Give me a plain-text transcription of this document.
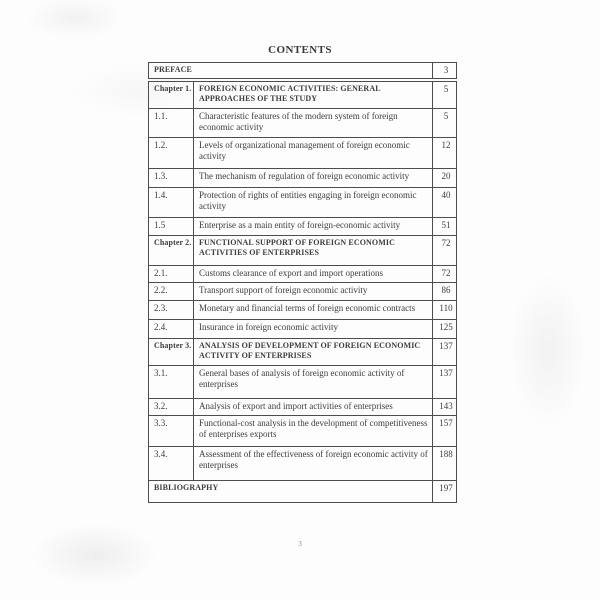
CONTENTS
PREFACE		3
Chapter 1.	FOREIGN ECONOMIC ACTIVITIES: GENERAL APPROACHES OF THE STUDY	5
1.1.	Characteristic features of the modern system of foreign economic activity	5
1.2.	Levels of organizational management of foreign economic activity	12
1.3.	The mechanism of regulation of foreign economic activity	20
1.4.	Protection of rights of entities engaging in foreign economic activity	40
1.5	Enterprise as a main entity of foreign-economic activity	51
Chapter 2.	FUNCTIONAL SUPPORT OF FOREIGN ECONOMIC ACTIVITIES OF ENTERPRISES	72
2.1.	Customs clearance of export and import operations	72
2.2.	Transport support of foreign economic activity	86
2.3.	Monetary and financial terms of foreign economic contracts	110
2.4.	Insurance in foreign economic activity	125
Chapter 3.	ANALYSIS OF DEVELOPMENT OF FOREIGN ECONOMIC ACTIVITY OF ENTERPRISES	137
3.1.	General bases of analysis of foreign economic activity of enterprises	137
3.2.	Analysis of export and import activities of enterprises	143
3.3.	Functional-cost analysis in the development of competitiveness of enterprises exports	157
3.4.	Assessment of the effectiveness of foreign economic activity of enterprises	188
BIBLIOGRAPHY		197
3
